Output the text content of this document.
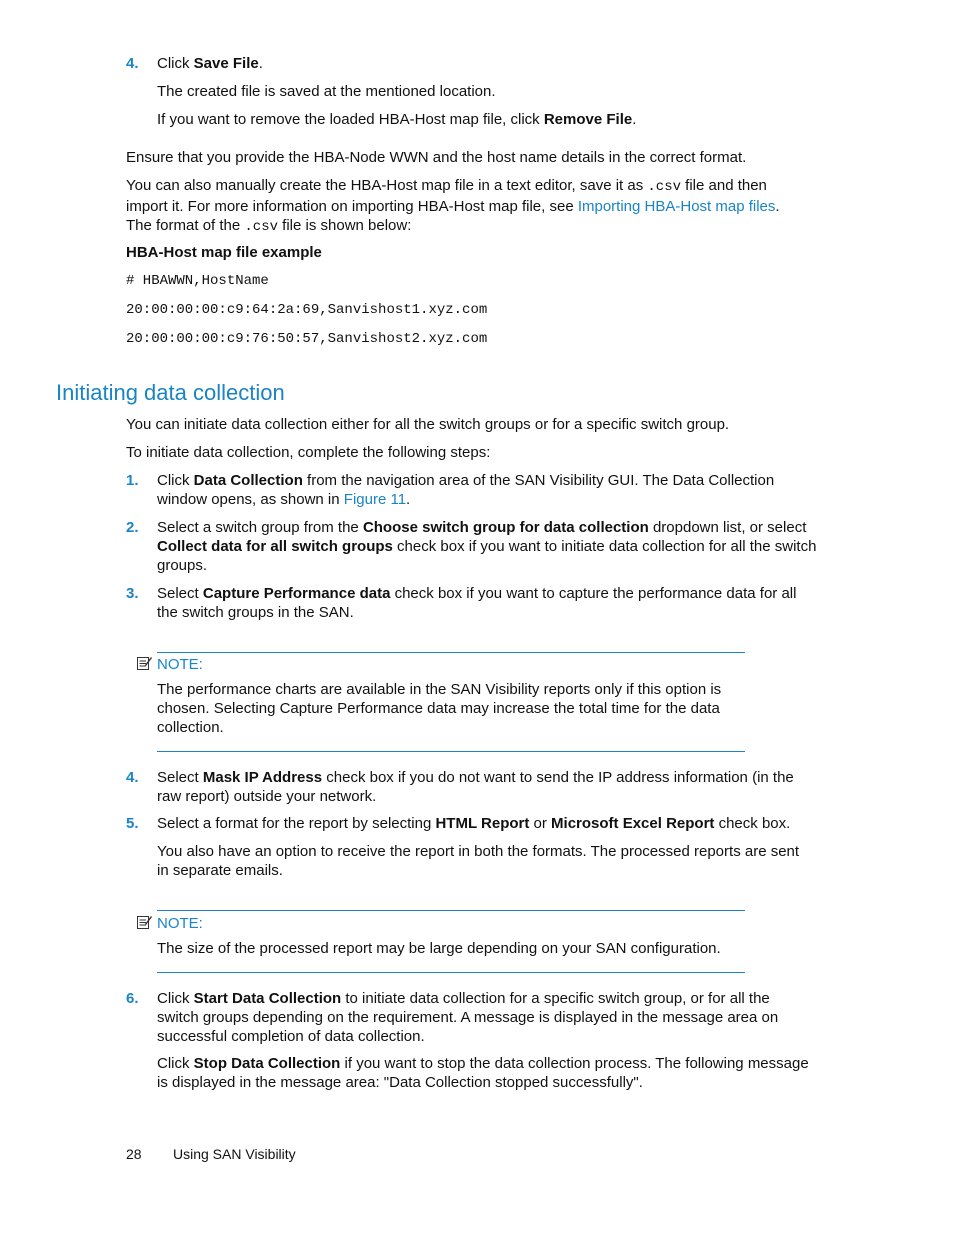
4.	Click Save File.
The created file is saved at the mentioned location.
If you want to remove the loaded HBA-Host map file, click Remove File.
Ensure that you provide the HBA-Node WWN and the host name details in the correct format.
You can also manually create the HBA-Host map file in a text editor, save it as .csv file and then
import it. For more information on importing HBA-Host map file, see Importing HBA-Host map files.
The format of the .csv file is shown below:
HBA-Host map file example
# HBAWWN,HostName
20:00:00:00:c9:64:2a:69,Sanvishost1.xyz.com
20:00:00:00:c9:76:50:57,Sanvishost2.xyz.com
Initiating data collection
You can initiate data collection either for all the switch groups or for a specific switch group.
To initiate data collection, complete the following steps:
1.	Click Data Collection from the navigation area of the SAN Visibility GUI. The Data Collection
window opens, as shown in Figure 11.
2.	Select a switch group from the Choose switch group for data collection dropdown list, or select
Collect data for all switch groups check box if you want to initiate data collection for all the switch
groups.
3.	Select Capture Performance data check box if you want to capture the performance data for all
the switch groups in the SAN.
NOTE:
The performance charts are available in the SAN Visibility reports only if this option is
chosen. Selecting Capture Performance data may increase the total time for the data
collection.
4.	Select Mask IP Address check box if you do not want to send the IP address information (in the
raw report) outside your network.
5.	Select a format for the report by selecting HTML Report or Microsoft Excel Report check box.
You also have an option to receive the report in both the formats. The processed reports are sent
in separate emails.
NOTE:
The size of the processed report may be large depending on your SAN configuration.
6.	Click Start Data Collection to initiate data collection for a specific switch group, or for all the
switch groups depending on the requirement. A message is displayed in the message area on
successful completion of data collection.
Click Stop Data Collection if you want to stop the data collection process. The following message
is displayed in the message area: "Data Collection stopped successfully".
28 Using SAN Visibility
